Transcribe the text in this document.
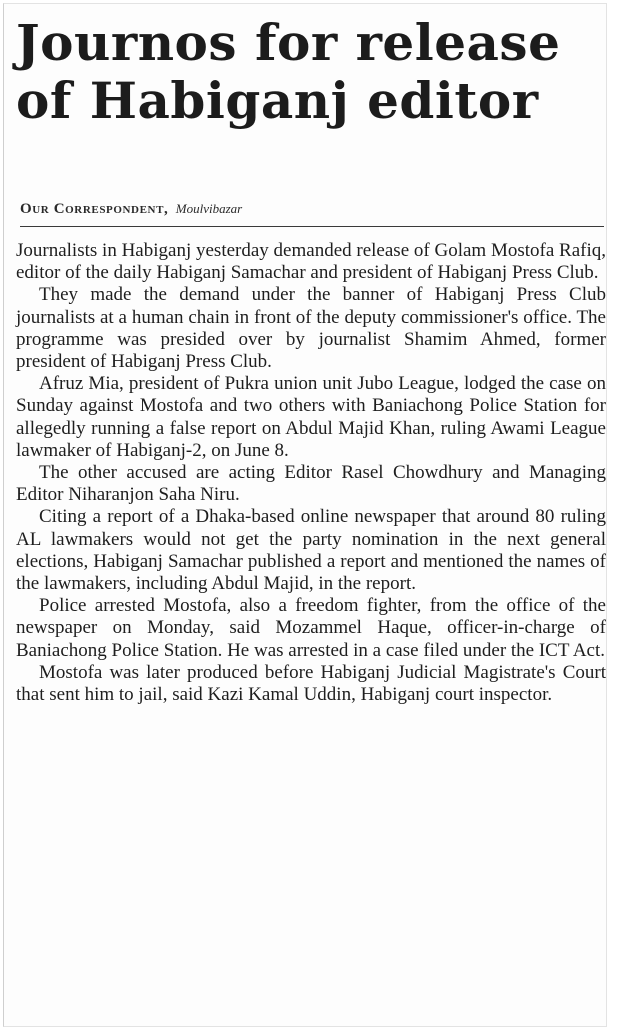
Journos for release
of Habiganj editor
Our Correspondent, Moulvibazar

Journalists in Habiganj yesterday demanded release of Golam Mostofa Rafiq, editor of the daily Habiganj Samachar and president of Habiganj Press Club.

They made the demand under the banner of Habiganj Press Club journalists at a human chain in front of the deputy commissioner's office. The programme was presided over by journalist Shamim Ahmed, former president of Habiganj Press Club.

Afruz Mia, president of Pukra union unit Jubo League, lodged the case on Sunday against Mostofa and two others with Baniachong Police Station for allegedly running a false report on Abdul Majid Khan, ruling Awami League lawmaker of Habiganj-2, on June 8.

The other accused are acting Editor Rasel Chowdhury and Managing Editor Niharanjon Saha Niru.

Citing a report of a Dhaka-based online newspaper that around 80 ruling AL lawmakers would not get the party nomination in the next general elections, Habiganj Samachar published a report and mentioned the names of the lawmakers, including Abdul Majid, in the report.

Police arrested Mostofa, also a freedom fighter, from the office of the newspaper on Monday, said Mozammel Haque, officer-in-charge of Baniachong Police Station. He was arrested in a case filed under the ICT Act.

Mostofa was later produced before Habiganj Judicial Magistrate's Court that sent him to jail, said Kazi Kamal Uddin, Habiganj court inspector.
